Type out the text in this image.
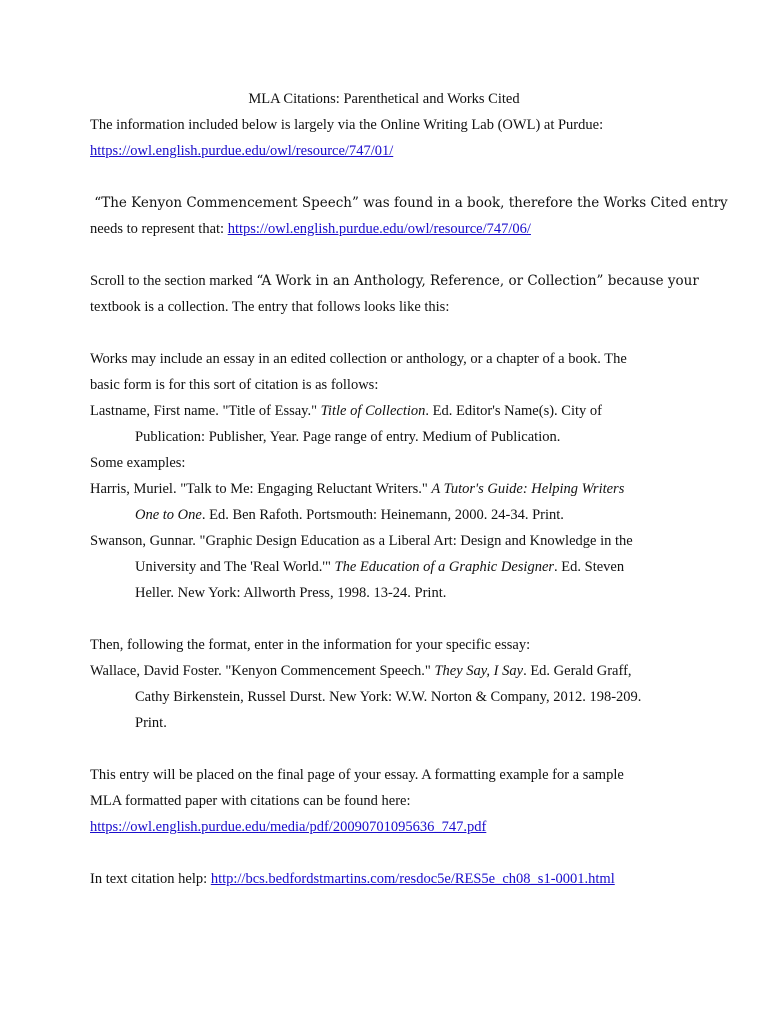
MLA Citations: Parenthetical and Works Cited
The information included below is largely via the Online Writing Lab (OWL) at Purdue:
https://owl.english.purdue.edu/owl/resource/747/01/
“The Kenyon Commencement Speech” was found in a book, therefore the Works Cited entry
needs to represent that: https://owl.english.purdue.edu/owl/resource/747/06/
Scroll to the section marked “A Work in an Anthology, Reference, or Collection” because your
textbook is a collection. The entry that follows looks like this:
Works may include an essay in an edited collection or anthology, or a chapter of a book. The
basic form is for this sort of citation is as follows:
Lastname, First name. "Title of Essay." Title of Collection. Ed. Editor's Name(s). City of
Publication: Publisher, Year. Page range of entry. Medium of Publication.
Some examples:
Harris, Muriel. "Talk to Me: Engaging Reluctant Writers." A Tutor's Guide: Helping Writers
One to One. Ed. Ben Rafoth. Portsmouth: Heinemann, 2000. 24-34. Print.
Swanson, Gunnar. "Graphic Design Education as a Liberal Art: Design and Knowledge in the
University and The 'Real World.'" The Education of a Graphic Designer. Ed. Steven
Heller. New York: Allworth Press, 1998. 13-24. Print.
Then, following the format, enter in the information for your specific essay:
Wallace, David Foster. "Kenyon Commencement Speech." They Say, I Say. Ed. Gerald Graff,
Cathy Birkenstein, Russel Durst. New York: W.W. Norton & Company, 2012. 198-209.
Print.
This entry will be placed on the final page of your essay. A formatting example for a sample
MLA formatted paper with citations can be found here:
https://owl.english.purdue.edu/media/pdf/20090701095636_747.pdf
In text citation help: http://bcs.bedfordstmartins.com/resdoc5e/RES5e_ch08_s1-0001.html
